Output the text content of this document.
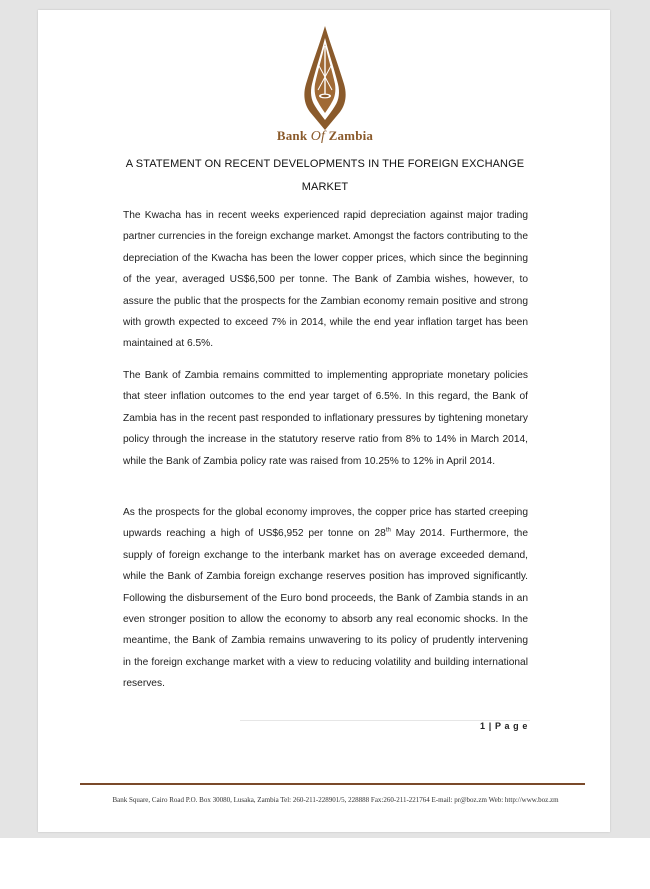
Bank Of Zambia
A STATEMENT ON RECENT DEVELOPMENTS IN THE FOREIGN EXCHANGE
MARKET

The Kwacha has in recent weeks experienced rapid depreciation against major trading partner currencies in the foreign exchange market. Amongst the factors contributing to the depreciation of the Kwacha has been the lower copper prices, which since the beginning of the year, averaged US$6,500 per tonne. The Bank of Zambia wishes, however, to assure the public that the prospects for the Zambian economy remain positive and strong with growth expected to exceed 7% in 2014, while the end year inflation target has been maintained at 6.5%.

The Bank of Zambia remains committed to implementing appropriate monetary policies that steer inflation outcomes to the end year target of 6.5%. In this regard, the Bank of Zambia has in the recent past responded to inflationary pressures by tightening monetary policy through the increase in the statutory reserve ratio from 8% to 14% in March 2014, while the Bank of Zambia policy rate was raised from 10.25% to 12% in April 2014.

As the prospects for the global economy improves, the copper price has started creeping upwards reaching a high of US$6,952 per tonne on 28th May 2014. Furthermore, the supply of foreign exchange to the interbank market has on average exceeded demand, while the Bank of Zambia foreign exchange reserves position has improved significantly. Following the disbursement of the Euro bond proceeds, the Bank of Zambia stands in an even stronger position to allow the economy to absorb any real economic shocks. In the meantime, the Bank of Zambia remains unwavering to its policy of prudently intervening in the foreign exchange market with a view to reducing volatility and building international reserves.

1 | P a g e
Bank Square, Cairo Road P.O. Box 30080, Lusaka, Zambia Tel: 260-211-228901/5, 228888 Fax:260-211-221764 E-mail: pr@boz.zm Web: http://www.boz.zm
